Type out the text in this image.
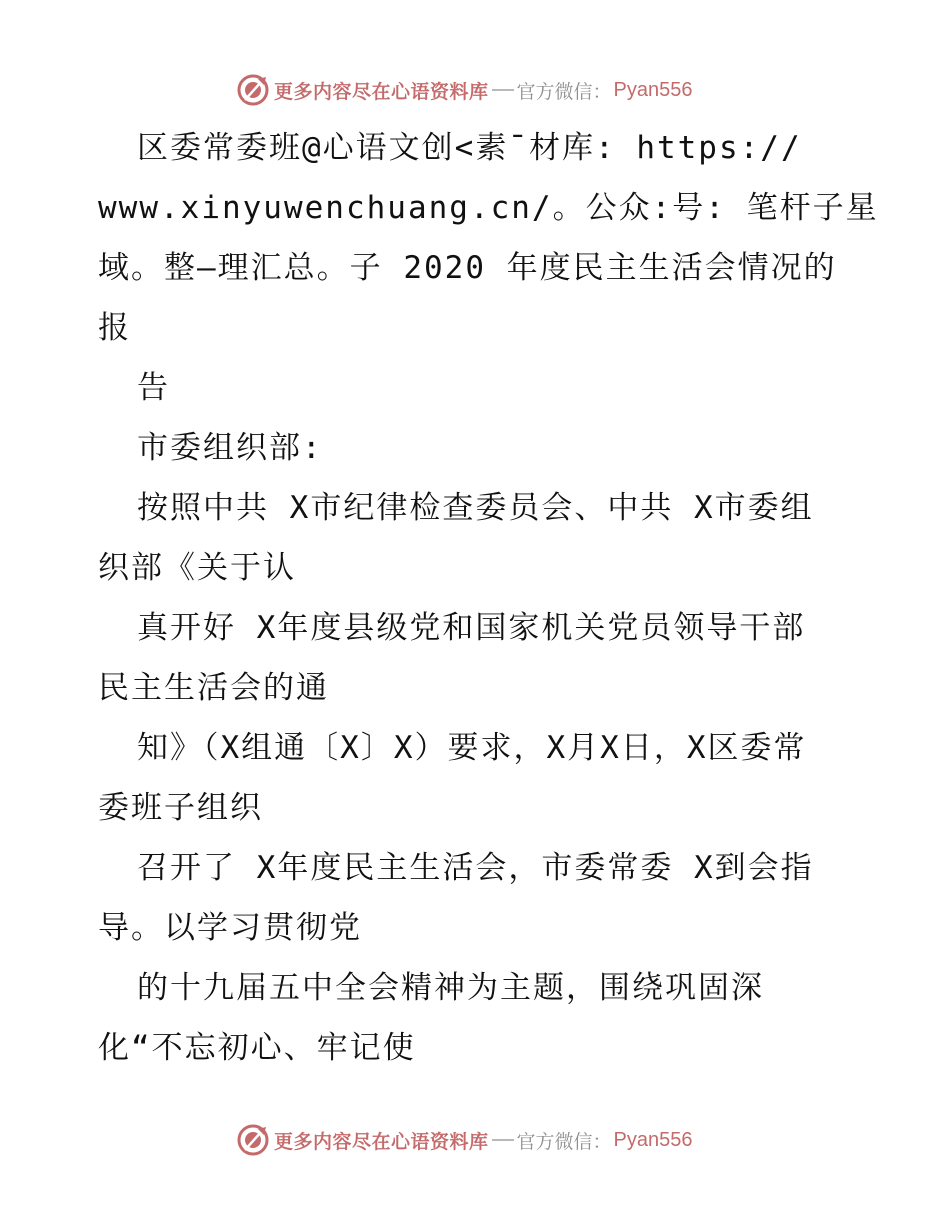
更多内容尽在心语资料库 官方微信： Pyan556
区委常委班@心语文创<素¯材库: https://
www.xinyuwenchuang.cn/。公众:号: 笔杆子星
域。整—理汇总。子 2020 年度民主生活会情况的
报
告
市委组织部:
按照中共 X市纪律检查委员会、中共 X市委组
织部《关于认
真开好 X年度县级党和国家机关党员领导干部
民主生活会的通
知》（X组通〔X〕X）要求，X月X日，X区委常
委班子组织
召开了 X年度民主生活会，市委常委 X到会指
导。以学习贯彻党
的十九届五中全会精神为主题，围绕巩固深
化“不忘初心、牢记使
更多内容尽在心语资料库 官方微信： Pyan556
